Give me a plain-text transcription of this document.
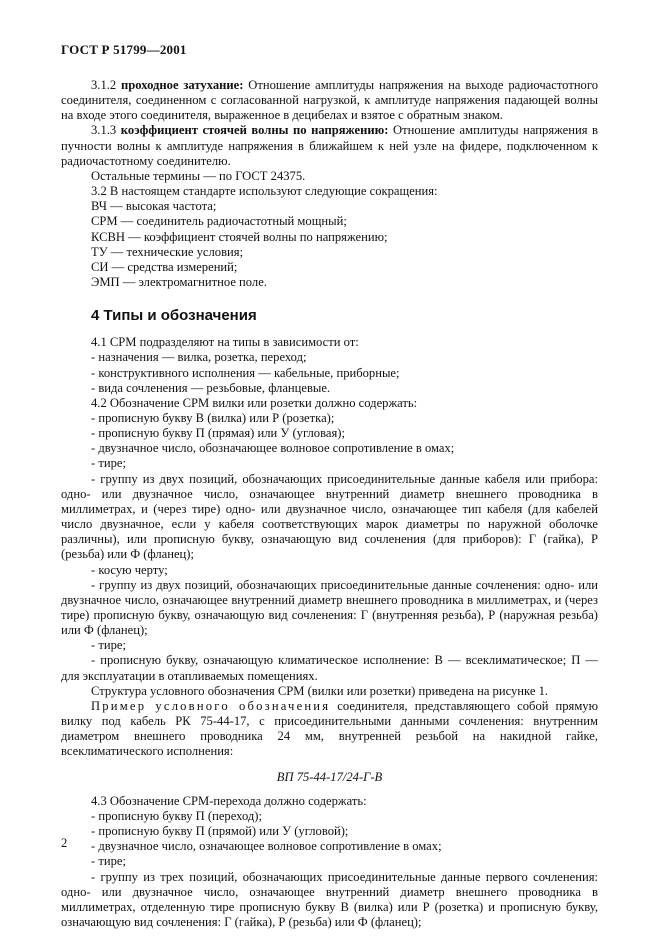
ГОСТ Р 51799—2001

3.1.2 проходное затухание: Отношение амплитуды напряжения на выходе радиочастотного соединителя, соединенном с согласованной нагрузкой, к амплитуде напряжения падающей волны на входе этого соединителя, выраженное в децибелах и взятое с обратным знаком.

3.1.3 коэффициент стоячей волны по напряжению: Отношение амплитуды напряжения в пучности волны к амплитуде напряжения в ближайшем к ней узле на фидере, подключенном к радиочастотному соединителю.

Остальные термины — по ГОСТ 24375.

3.2 В настоящем стандарте используют следующие сокращения:

ВЧ — высокая частота;

СРМ — соединитель радиочастотный мощный;

КСВН — коэффициент стоячей волны по напряжению;

ТУ — технические условия;

СИ — средства измерений;

ЭМП — электромагнитное поле.

4 Типы и обозначения

4.1 СРМ подразделяют на типы в зависимости от:

- назначения — вилка, розетка, переход;

- конструктивного исполнения — кабельные, приборные;

- вида сочленения — резьбовые, фланцевые.

4.2 Обозначение СРМ вилки или розетки должно содержать:

- прописную букву В (вилка) или Р (розетка);

- прописную букву П (прямая) или У (угловая);

- двузначное число, обозначающее волновое сопротивление в омах;

- тире;

- группу из двух позиций, обозначающих присоединительные данные кабеля или прибора: одно- или двузначное число, означающее внутренний диаметр внешнего проводника в миллиметрах, и (через тире) одно- или двузначное число, означающее тип кабеля (для кабелей число двузначное, если у кабеля соответствующих марок диаметры по наружной оболочке различны), или прописную букву, означающую вид сочленения (для приборов): Г (гайка), Р (резьба) или Ф (фланец);

- косую черту;

- группу из двух позиций, обозначающих присоединительные данные сочленения: одно- или двузначное число, означающее внутренний диаметр внешнего проводника в миллиметрах, и (через тире) прописную букву, означающую вид сочленения: Г (внутренняя резьба), Р (наружная резьба) или Ф (фланец);

- тире;

- прописную букву, означающую климатическое исполнение: В — всеклиматическое; П — для эксплуатации в отапливаемых помещениях.

Структура условного обозначения СРМ (вилки или розетки) приведена на рисунке 1.

Пример условного обозначения соединителя, представляющего собой прямую вилку под кабель РК 75-44-17, с присоединительными данными сочленения: внутренним диаметром внешнего проводника 24 мм, внутренней резьбой на накидной гайке, всеклиматического исполнения:

ВП 75-44-17/24-Г-В

4.3 Обозначение СРМ-перехода должно содержать:

- прописную букву П (переход);

- прописную букву П (прямой) или У (угловой);

- двузначное число, означающее волновое сопротивление в омах;

- тире;

- группу из трех позиций, обозначающих присоединительные данные первого сочленения: одно- или двузначное число, означающее внутренний диаметр внешнего проводника в миллиметрах, отделенную тире прописную букву В (вилка) или Р (розетка) и прописную букву, означающую вид сочленения: Г (гайка), Р (резьба) или Ф (фланец);

2
